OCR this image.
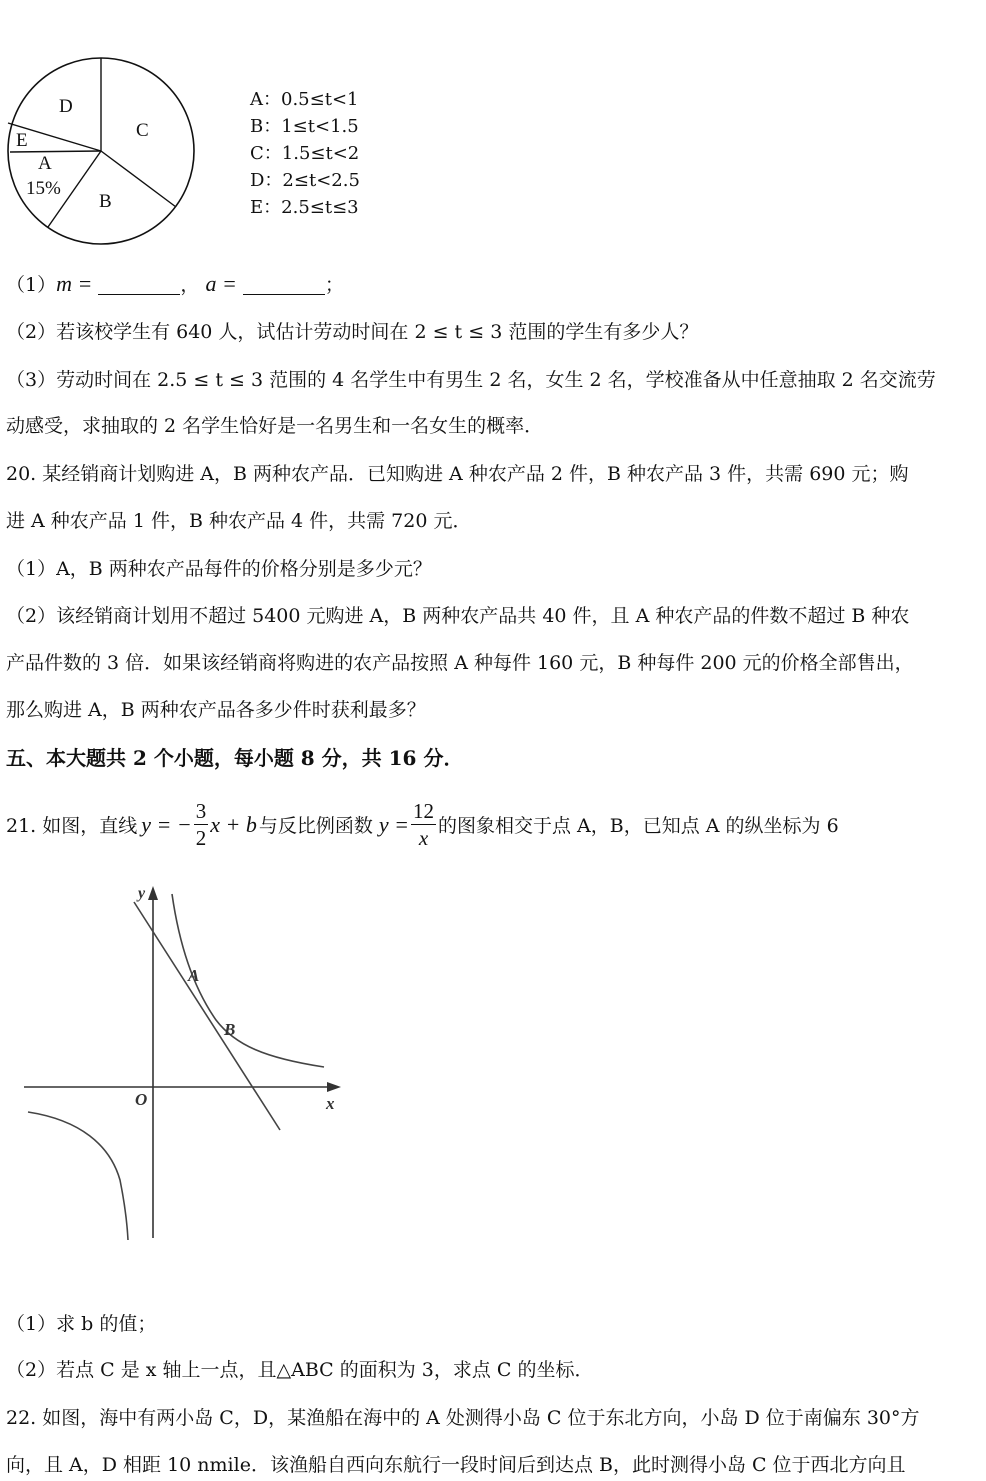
D
C
E
A
15%
B
A：0.5≤t<1
B：1≤t<1.5
C：1.5≤t<2
D：2≤t<2.5
E：2.5≤t≤3
（1）m =	， a =	；
（2）若该校学生有 640 人，试估计劳动时间在 2 ≤ t ≤ 3 范围的学生有多少人？
（3）劳动时间在 2.5 ≤ t ≤ 3 范围的 4 名学生中有男生 2 名，女生 2 名，学校准备从中任意抽取 2 名交流劳
动感受，求抽取的 2 名学生恰好是一名男生和一名女生的概率．
20. 某经销商计划购进 A，B 两种农产品．已知购进 A 种农产品 2 件，B 种农产品 3 件，共需 690 元；购
进 A 种农产品 1 件，B 种农产品 4 件，共需 720 元．
（1）A，B 两种农产品每件的价格分别是多少元？
（2）该经销商计划用不超过 5400 元购进 A，B 两种农产品共 40 件，且 A 种农产品的件数不超过 B 种农
产品件数的 3 倍．如果该经销商将购进的农产品按照 A 种每件 160 元，B 种每件 200 元的价格全部售出，
那么购进 A，B 两种农产品各多少件时获利最多？
五、本大题共 2 个小题，每小题 8 分，共 16 分．
21. 如图，直线 y = − $\frac{3}{2}$ x + b 与反比例函数 $y = \frac{12}{x}$ 的图象相交于点 A，B，已知点 A 的纵坐标为 6
y
x
O
A
B
（1）求 b 的值；
（2）若点 C 是 x 轴上一点，且△ABC 的面积为 3，求点 C 的坐标．
22. 如图，海中有两小岛 C，D，某渔船在海中的 A 处测得小岛 C 位于东北方向，小岛 D 位于南偏东 30°方
向，且 A，D 相距 10 nmile．该渔船自西向东航行一段时间后到达点 B，此时测得小岛 C 位于西北方向且
